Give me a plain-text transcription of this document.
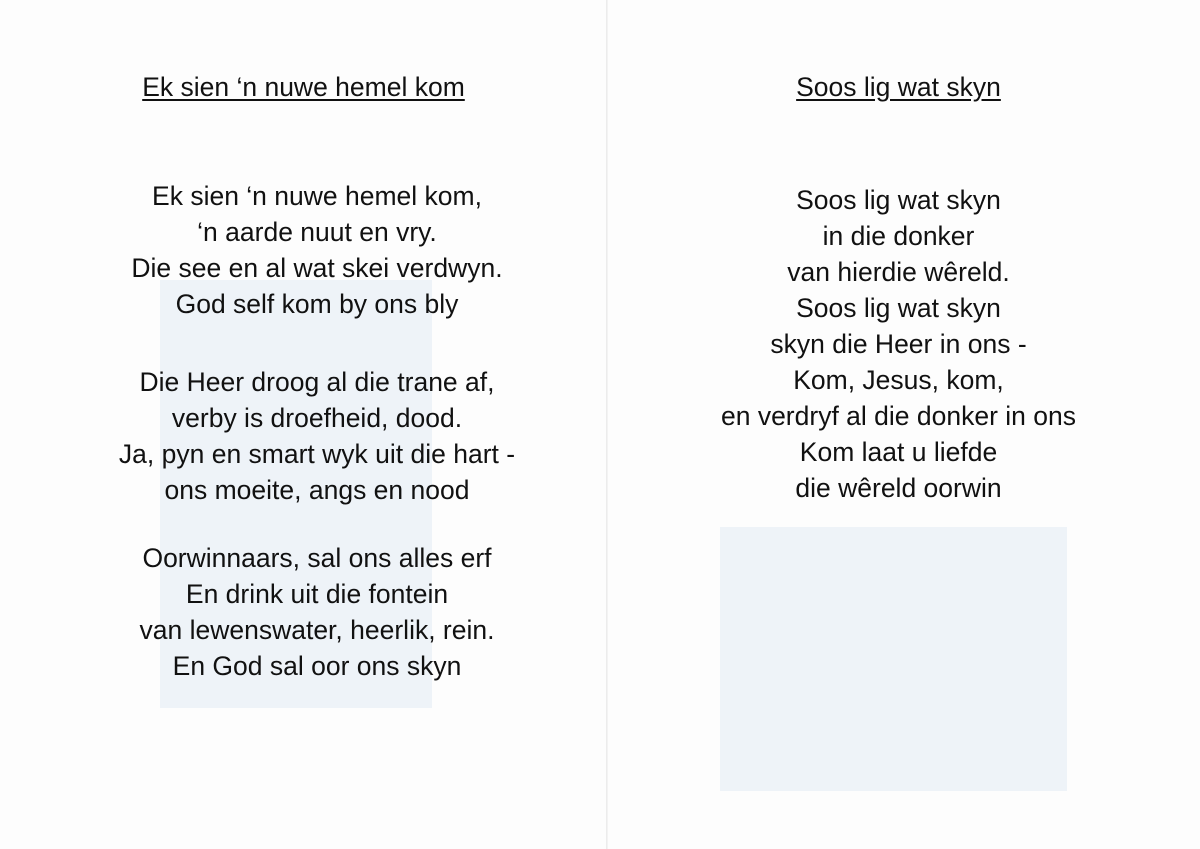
Ek sien ‘n nuwe hemel kom
Ek sien ‘n nuwe hemel kom,
‘n aarde nuut en vry.
Die see en al wat skei verdwyn.
God self kom by ons bly
Die Heer droog al die trane af,
verby is droefheid, dood.
Ja, pyn en smart wyk uit die hart -
ons moeite, angs en nood
Oorwinnaars, sal ons alles erf
En drink uit die fontein
van lewenswater, heerlik, rein.
En God sal oor ons skyn
Soos lig wat skyn
Soos lig wat skyn
in die donker
van hierdie wêreld.
Soos lig wat skyn
skyn die Heer in ons -
Kom, Jesus, kom,
en verdryf al die donker in ons
Kom laat u liefde
die wêreld oorwin
